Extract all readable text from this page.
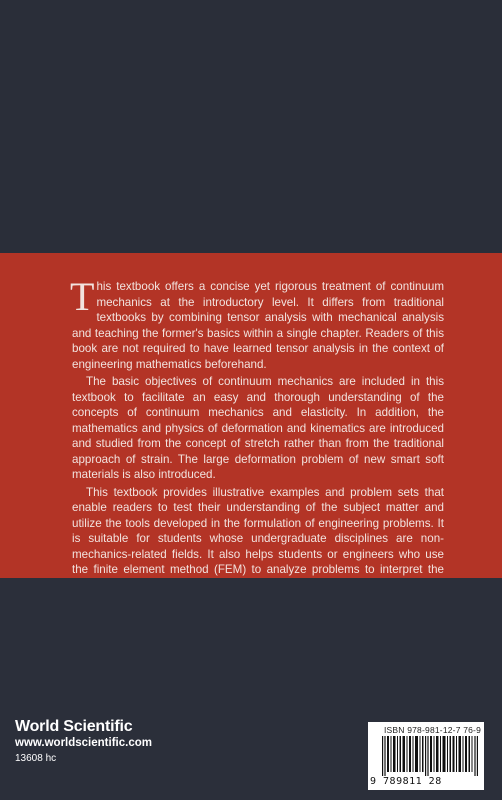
This textbook offers a concise yet rigorous treatment of continuum mechanics at the introductory level. It differs from traditional textbooks by combining tensor analysis with mechanical analysis and teaching the former's basics within a single chapter. Readers of this book are not required to have learned tensor analysis in the context of engineering mathematics beforehand.

The basic objectives of continuum mechanics are included in this textbook to facilitate an easy and thorough understanding of the concepts of continuum mechanics and elasticity. In addition, the mathematics and physics of deformation and kinematics are introduced and studied from the concept of stretch rather than from the traditional approach of strain. The large deformation problem of new smart soft materials is also introduced.

This textbook provides illustrative examples and problem sets that enable readers to test their understanding of the subject matter and utilize the tools developed in the formulation of engineering problems. It is suitable for students whose undergraduate disciplines are non-mechanics-related fields. It also helps students or engineers who use the finite element method (FEM) to analyze problems to interpret the

World Scientific
www.worldscientific.com
13608 hc
ISBN 978-981-12-7 76-9
9 789811 28
